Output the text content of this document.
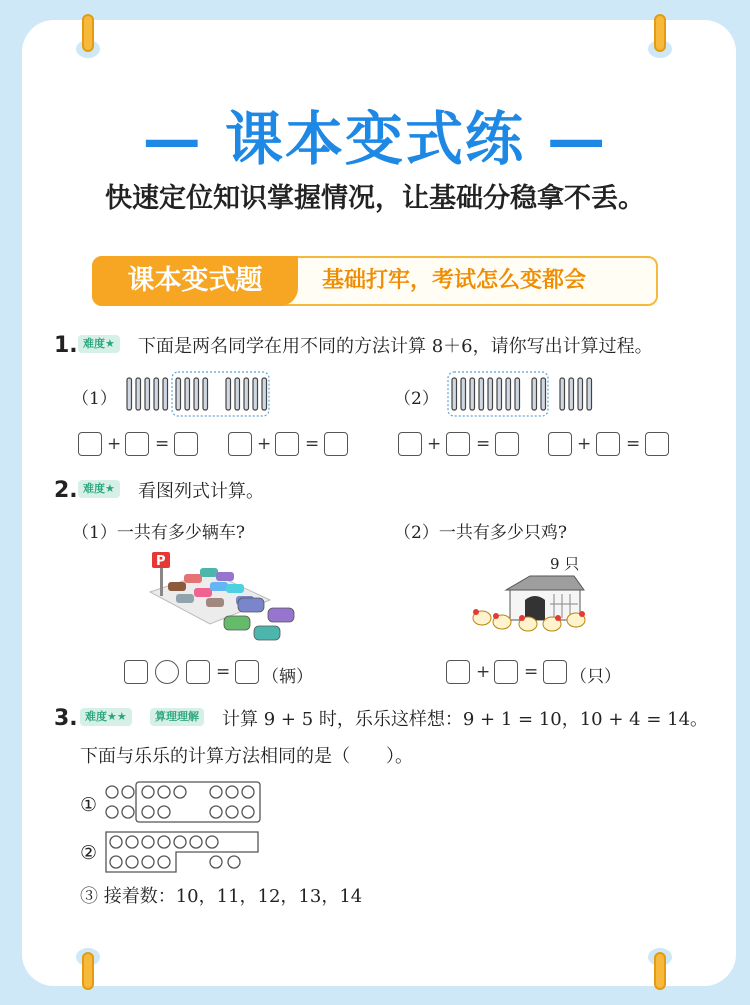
— 课本变式练 —
快速定位知识掌握情况，让基础分稳拿不丢。
课本变式题	基础打牢，考试怎么变都会
1. 难度★ 下面是两名同学在用不同的方法计算 8＋6，请你写出计算过程。
（1）	（2）
+ =	+ =	+ =	+ =
2. 难度★ 看图列式计算。
（1）一共有多少辆车?	（2）一共有多少只鸡?
P	9 只
= （辆）	+ = （只）
3. 难度★★	算理理解 计算 9 + 5 时，乐乐这样想：9 + 1 = 10，10 + 4 = 14。
下面与乐乐的计算方法相同的是（　　）。
①
②
③ 接着数：10，11，12，13，14
